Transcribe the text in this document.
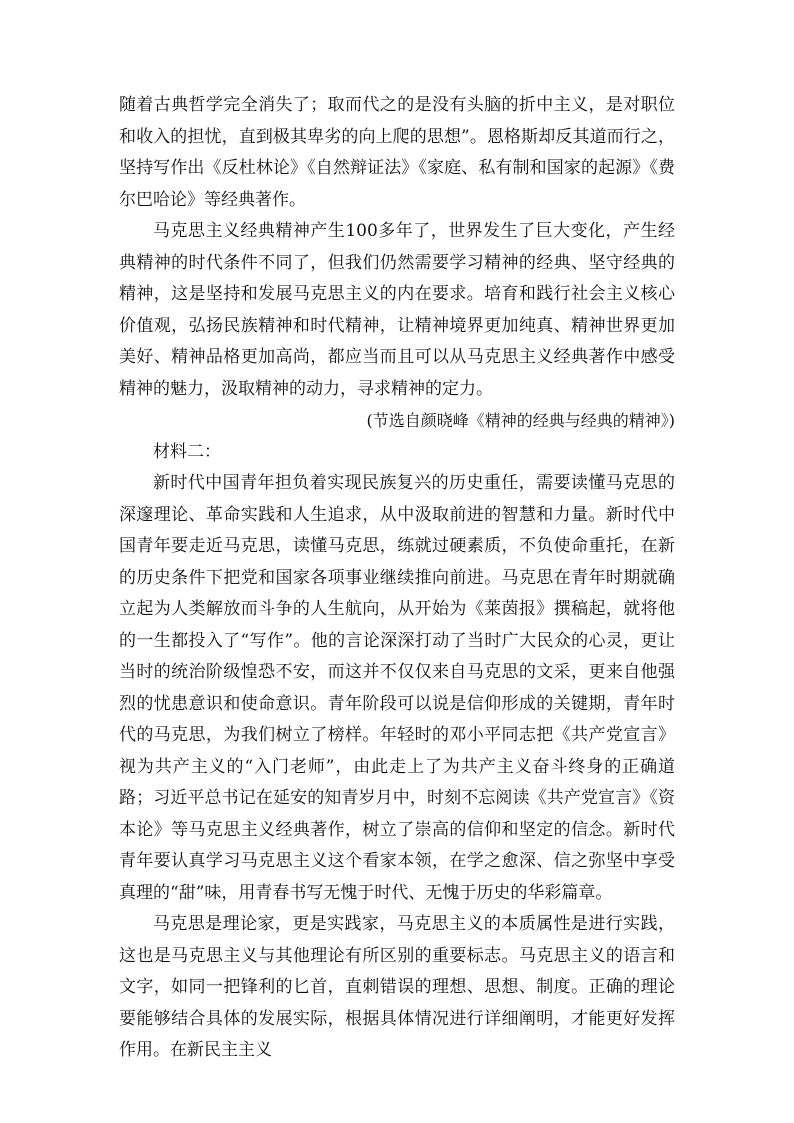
随着古典哲学完全消失了；取而代之的是没有头脑的折中主义，是对职位和收入的担忧，直到极其卑劣的向上爬的思想”。恩格斯却反其道而行之，坚持写作出《反杜林论》《自然辩证法》《家庭、私有制和国家的起源》《费尔巴哈论》等经典著作。

马克思主义经典精神产生100多年了，世界发生了巨大变化，产生经典精神的时代条件不同了，但我们仍然需要学习精神的经典、坚守经典的精神，这是坚持和发展马克思主义的内在要求。培育和践行社会主义核心价值观，弘扬民族精神和时代精神，让精神境界更加纯真、精神世界更加美好、精神品格更加高尚，都应当而且可以从马克思主义经典著作中感受精神的魅力，汲取精神的动力，寻求精神的定力。

(节选自颜晓峰《精神的经典与经典的精神》)

材料二：

新时代中国青年担负着实现民族复兴的历史重任，需要读懂马克思的深邃理论、革命实践和人生追求，从中汲取前进的智慧和力量。新时代中国青年要走近马克思，读懂马克思，练就过硬素质，不负使命重托，在新的历史条件下把党和国家各项事业继续推向前进。马克思在青年时期就确立起为人类解放而斗争的人生航向，从开始为《莱茵报》撰稿起，就将他的一生都投入了“写作”。他的言论深深打动了当时广大民众的心灵，更让当时的统治阶级惶恐不安，而这并不仅仅来自马克思的文采，更来自他强烈的忧患意识和使命意识。青年阶段可以说是信仰形成的关键期，青年时代的马克思，为我们树立了榜样。年轻时的邓小平同志把《共产党宣言》视为共产主义的“入门老师”，由此走上了为共产主义奋斗终身的正确道路；习近平总书记在延安的知青岁月中，时刻不忘阅读《共产党宣言》《资本论》等马克思主义经典著作，树立了崇高的信仰和坚定的信念。新时代青年要认真学习马克思主义这个看家本领，在学之愈深、信之弥坚中享受真理的“甜”味，用青春书写无愧于时代、无愧于历史的华彩篇章。

马克思是理论家，更是实践家，马克思主义的本质属性是进行实践，这也是马克思主义与其他理论有所区别的重要标志。马克思主义的语言和文字，如同一把锋利的匕首，直刺错误的理想、思想、制度。正确的理论要能够结合具体的发展实际，根据具体情况进行详细阐明，才能更好发挥作用。在新民主主义
